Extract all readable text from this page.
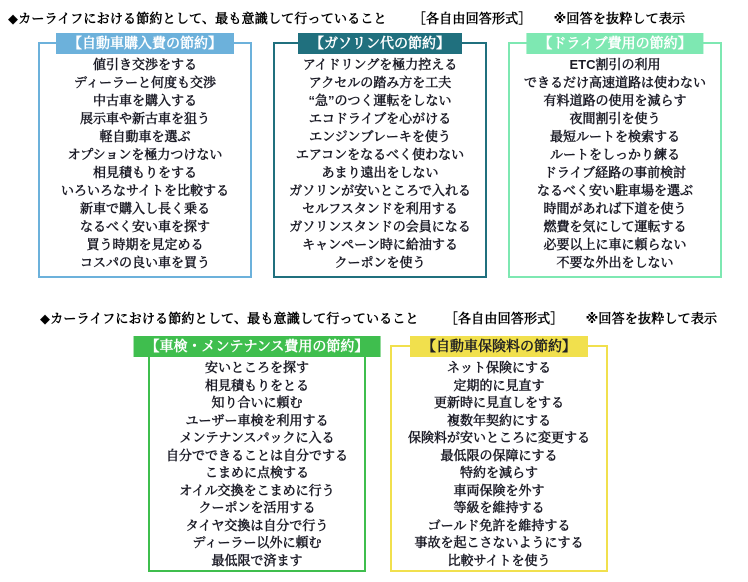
◆カーライフにおける節約として、最も意識して行っていること ［各自由回答形式］ ※回答を抜粋して表示
【自動車購入費の節約】
値引き交渉をする
ディーラーと何度も交渉
中古車を購入する
展示車や新古車を狙う
軽自動車を選ぶ
オプションを極力つけない
相見積もりをする
いろいろなサイトを比較する
新車で購入し長く乗る
なるべく安い車を探す
買う時期を見定める
コスパの良い車を買う
【ガソリン代の節約】
アイドリングを極力控える
アクセルの踏み方を工夫
“急”のつく運転をしない
エコドライブを心がける
エンジンブレーキを使う
エアコンをなるべく使わない
あまり遠出をしない
ガソリンが安いところで入れる
セルフスタンドを利用する
ガソリンスタンドの会員になる
キャンペーン時に給油する
クーポンを使う
【ドライブ費用の節約】
ETC割引の利用
できるだけ高速道路は使わない
有料道路の使用を減らす
夜間割引を使う
最短ルートを検索する
ルートをしっかり練る
ドライブ経路の事前検討
なるべく安い駐車場を選ぶ
時間があれば下道を使う
燃費を気にして運転する
必要以上に車に頼らない
不要な外出をしない
◆カーライフにおける節約として、最も意識して行っていること ［各自由回答形式］ ※回答を抜粋して表示
【車検・メンテナンス費用の節約】
安いところを探す
相見積もりをとる
知り合いに頼む
ユーザー車検を利用する
メンテナンスパックに入る
自分でできることは自分でする
こまめに点検する
オイル交換をこまめに行う
クーポンを活用する
タイヤ交換は自分で行う
ディーラー以外に頼む
最低限で済ます
【自動車保険料の節約】
ネット保険にする
定期的に見直す
更新時に見直しをする
複数年契約にする
保険料が安いところに変更する
最低限の保障にする
特約を減らす
車両保険を外す
等級を維持する
ゴールド免許を維持する
事故を起こさないようにする
比較サイトを使う
